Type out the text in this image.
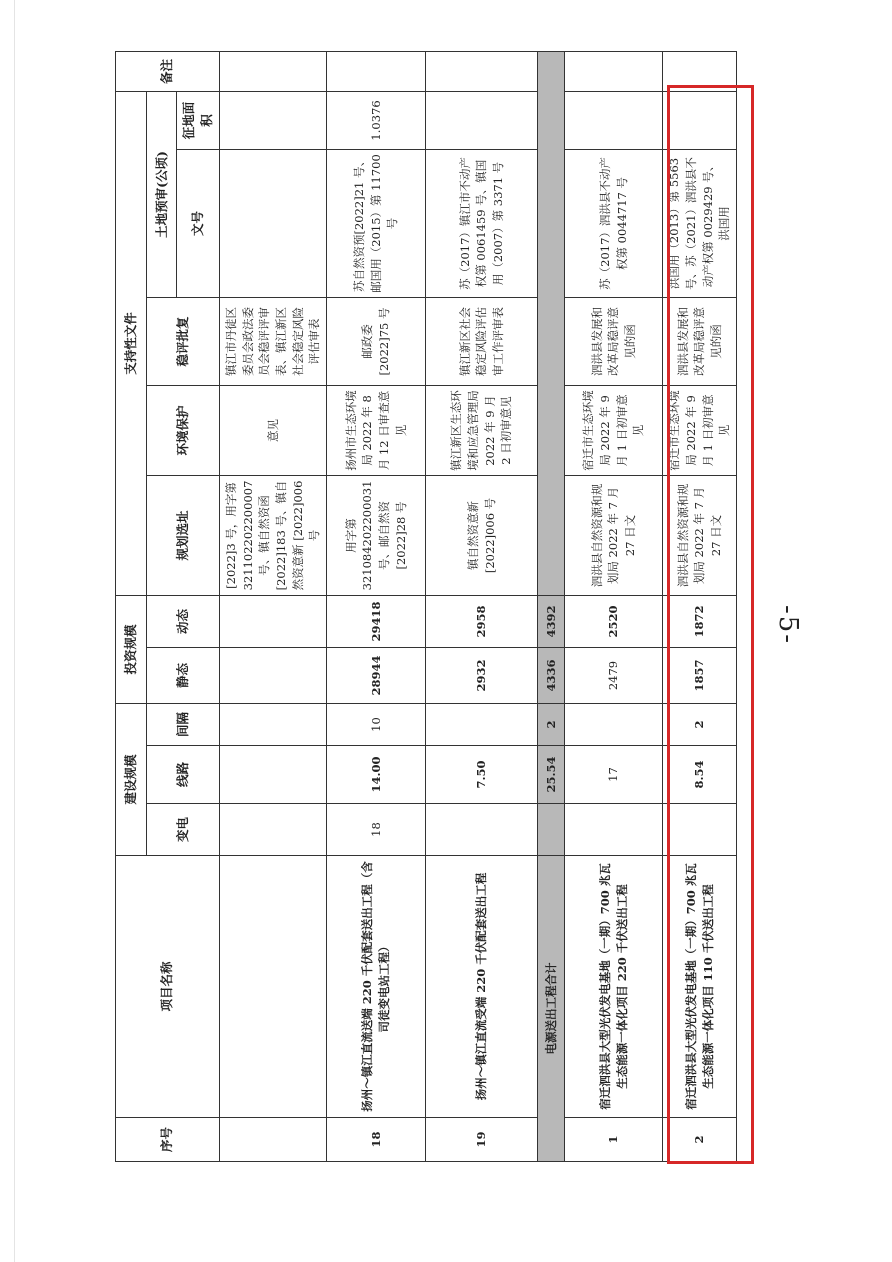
序号	项目名称	建设规模			投资规模		支持性文件					备注
		变电	线路	间隔	静态	动态	规划选址	环境保护	稳评批复	土地预审(公顷)		
										文号	征地面积	
							[2022]3 号，用字第 321102202200007 号、镇自然资函 [2022]183 号、镇自然资意新 [2022]006 号	意见	镇江市丹徒区委员会政法委员会稳评评审表、镇江新区社会稳定风险评估审表			
18	扬州～镇江直流送端 220 千伏配套送出工程（含司徒变电站工程）	18	14.00	10	28944	29418	用字第 321084202200031 号、邮自然资 [2022]28 号	扬州市生态环境局 2022 年 8 月 12 日审查意见	邮政委 [2022]75 号	苏自然资预[2022]21 号、邮国用（2015）第 11700 号	1.0376	
19	扬州～镇江直流受端 220 千伏配套送出工程		7.50		2932	2958	镇自然资意新 [2022]006 号	镇江新区生态环境和应急管理局 2022 年 9 月 2 日初审意见	镇江新区社会稳定风险评估审工作评审表	苏（2017）镇江市不动产权第 0061459 号、镇国用（2007）第 3371 号		
电源送出工程合计			25.54	2	4336	4392						
1	宿迁泗洪县大型光伏发电基地（一期）700 兆瓦生态能源一体化项目 220 千伏送出工程		17		2479	2520	泗洪县自然资源和规划局 2022 年 7 月 27 日文	宿迁市生态环境局 2022 年 9 月 1 日初审意见	泗洪县发展和改革局稳评意见的函	苏（2017）泗洪县不动产权第 0044717 号		
2	宿迁泗洪县大型光伏发电基地（一期）700 兆瓦生态能源一体化项目 110 千伏送出工程		8.54	2	1857	1872	泗洪县自然资源和规划局 2022 年 7 月 27 日文	宿迁市生态环境局 2022 年 9 月 1 日初审意见	泗洪县发展和改革局稳评意见的函	洪国用（2013）第 5563 号、苏（2021）泗洪县不动产权第 0029429 号、洪国用		
-5-
